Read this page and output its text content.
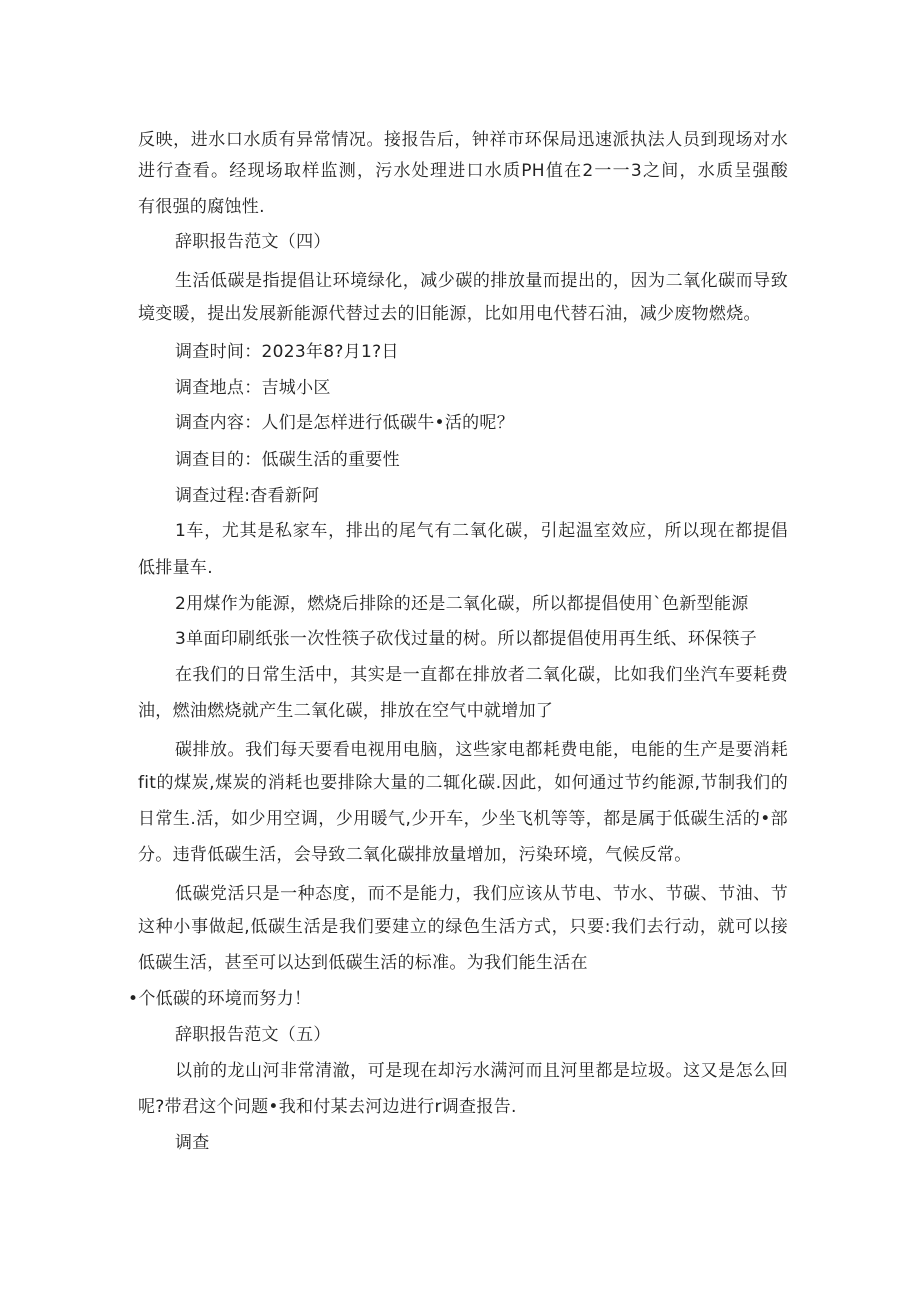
反映，进水口水质有异常情况。接报告后，钟祥市环保局迅速派执法人员到现场对水
进行查看。经现场取样监测，污水处理进口水质PH值在2一一3之间，水质呈强酸
有很强的腐蚀性.
辞职报告范文（四）
生活低碳是指提倡让环境绿化，减少碳的排放量而提出的，因为二氧化碳而导致
境变暖，提出发展新能源代替过去的旧能源，比如用电代替石油，减少废物燃烧。
调查时间：2023年8?月1?日
调查地点：吉城小区
调查内容：人们是怎样进行低碳牛•活的呢？
调查目的：低碳生活的重要性
调查过程:杳看新阿
1车，尤其是私家车，排出的尾气有二氧化碳，引起温室效应，所以现在都提倡
低排量车.
2用煤作为能源，燃烧后排除的还是二氧化碳，所以都提倡使用`色新型能源
3单面印刷纸张一次性筷子砍伐过量的树。所以都提倡使用再生纸、环保筷子
在我们的日常生活中，其实是一直都在排放者二氧化碳，比如我们坐汽车要耗费
油，燃油燃烧就产生二氧化碳，排放在空气中就增加了
碳排放。我们每天要看电视用电脑，这些家电都耗费电能，电能的生产是要消耗
fit的煤炭,煤炭的消耗也要排除大量的二辄化碳.因此，如何通过节约能源,节制我们的
日常生.活，如少用空调，少用暖气,少开车，少坐飞机等等，都是属于低碳生活的•部
分。违背低碳生活，会导致二氧化碳排放量增加，污染环境，气候反常。
低碳党活只是一种态度，而不是能力，我们应该从节电、节水、节碳、节油、节
这种小事做起,低碳生活是我们要建立的绿色生活方式，只要:我们去行动，就可以接
低碳生活，甚至可以达到低碳生活的标准。为我们能生活在
•个低碳的环境而努力！
辞职报告范文（五）
以前的龙山河非常清澈，可是现在却污水满河而且河里都是垃圾。这又是怎么回
呢?带君这个问题•我和付某去河边进行r调查报告.
调查
